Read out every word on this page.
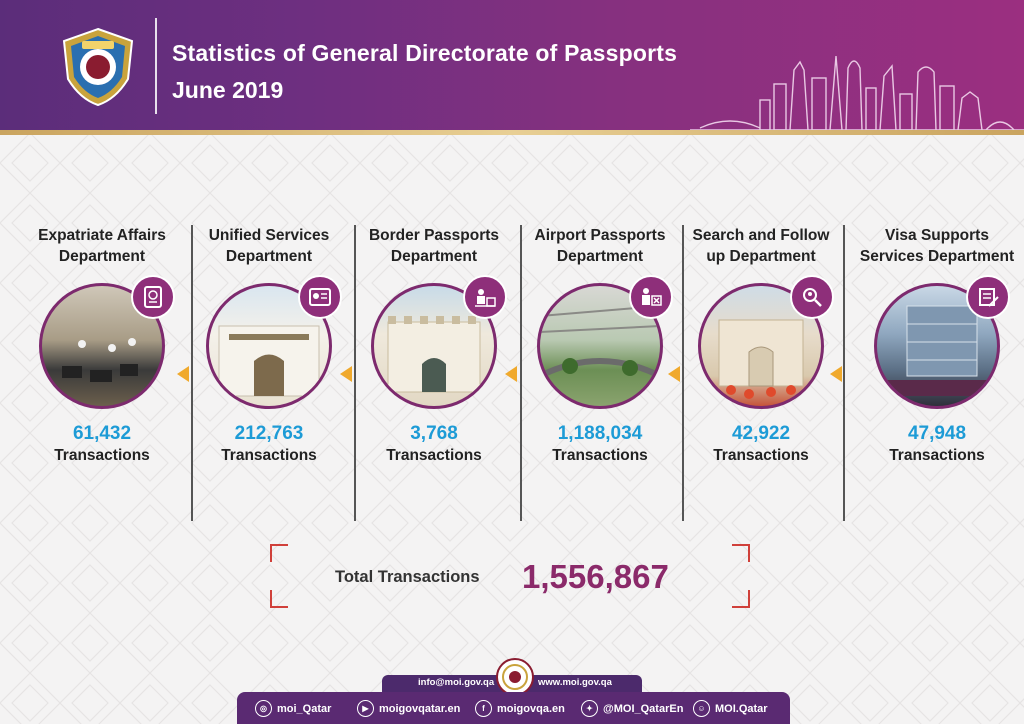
Statistics of General Directorate of Passports
June 2019
Expatriate Affairs Department
61,432
Transactions
Unified Services Department
212,763
Transactions
Border Passports Department
3,768
Transactions
Airport Passports Department
1,188,034
Transactions
Search and Follow up Department
42,922
Transactions
Visa Supports Services Department
47,948
Transactions
Total Transactions 1,556,867
info@moi.gov.qa	www.moi.gov.qa
◎ moi_Qatar	▶ moigovqatar.en	f	moigovqa.en	✦ @MOI_QatarEn	☺ MOI.Qatar
